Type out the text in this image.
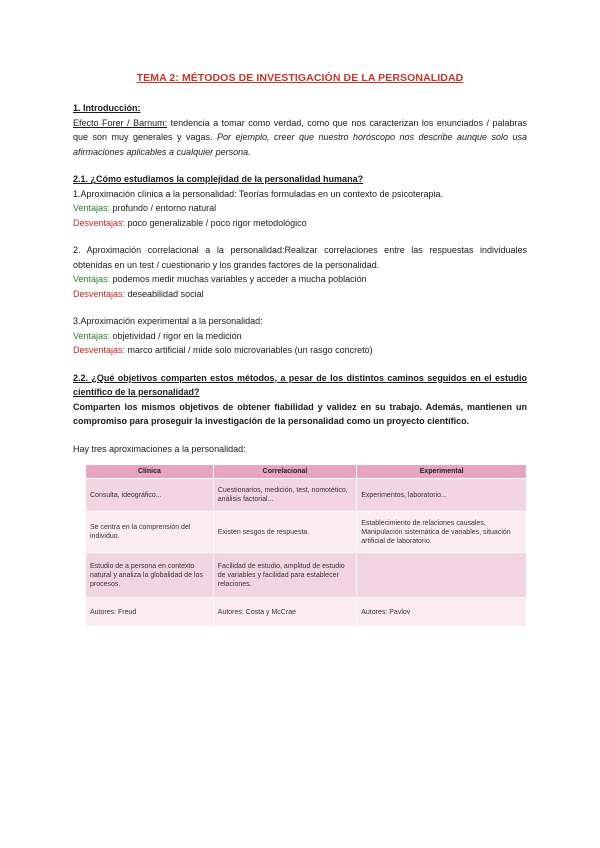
TEMA 2: MÉTODOS DE INVESTIGACIÓN DE LA PERSONALIDAD

1. Introducción:

Efecto Forer / Barnum: tendencia a tomar como verdad, como que nos caracterizan los enunciados / palabras que son muy generales y vagas. Por ejemplo, creer que nuestro horóscopo nos describe aunque solo usa afirmaciones aplicables a cualquier persona.

2.1. ¿Cómo estudiamos la complejidad de la personalidad humana?

1.Aproximación clínica a la personalidad: Teorías formuladas en un contexto de psicoterapia.

Ventajas: profundo / entorno natural

Desventajas: poco generalizable / poco rigor metodológico

2. Aproximación correlacional a la personalidad:Realizar correlaciones entre las respuestas individuales obtenidas en un test / cuestionario y los grandes factores de la personalidad.

Ventajas: podemos medir muchas variables y acceder a mucha población

Desventajas: deseabilidad social

3.Aproximación experimental a la personalidad:

Ventajas: objetividad / rigor en la medición

Desventajas: marco artificial / mide solo microvariables (un rasgo concreto)

2.2. ¿Qué objetivos comparten estos métodos, a pesar de los distintos caminos seguidos en el estudio científico de la personalidad?

Comparten los mismos objetivos de obtener fiabilidad y validez en su trabajo. Además, mantienen un compromiso para proseguir la investigación de la personalidad como un proyecto científico.

Hay tres aproximaciones a la personalidad:

Clínica	Correlacional	Experimental
Consulta, ideográfico...	Cuestionarios, medición, test, nomotético, análisis factorial...	Experimentos, laboratorio...
Se centra en la comprensión del individuo.	Existen sesgos de respuesta.	Establecimiento de relaciones causales. Manipulación sistemática de variables, situación artificial de laboratorio.
Estudio de a persona en contexto natural y analiza la globalidad de los procesos.	Facilidad de estudio, amplitud de estudio de variables y facilidad para establecer relaciones.	
Autores: Freud	Autores: Costa y McCrae	Autores: Pavlov
